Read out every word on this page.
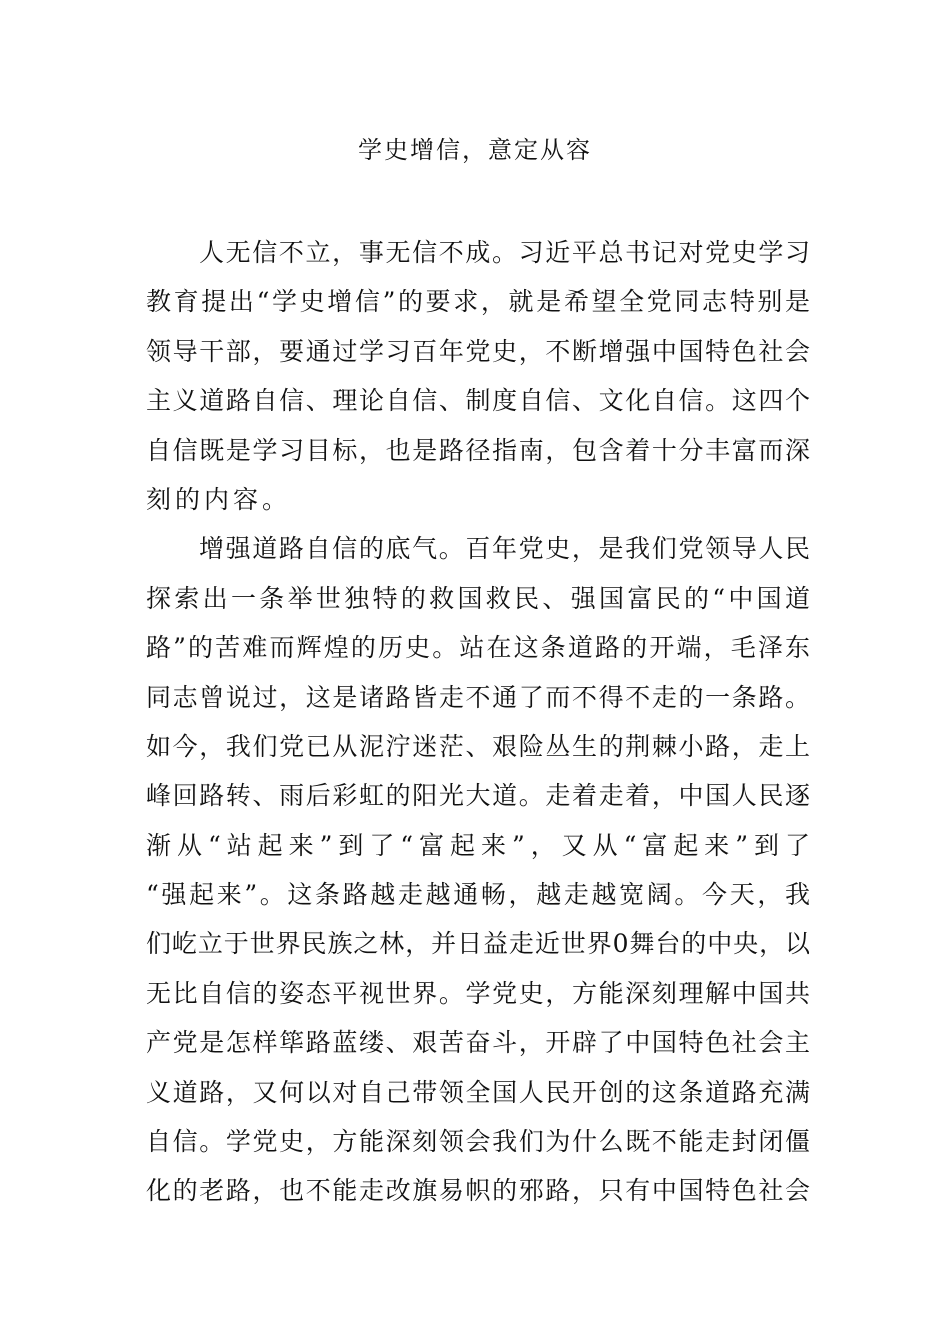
学史增信，意定从容
人无信不立，事无信不成。习近平总书记对党史学习
教育提出“学史增信”的要求，就是希望全党同志特别是
领导干部，要通过学习百年党史，不断增强中国特色社会
主义道路自信、理论自信、制度自信、文化自信。这四个
自信既是学习目标，也是路径指南，包含着十分丰富而深
刻的内容。
增强道路自信的底气。百年党史，是我们党领导人民
探索出一条举世独特的救国救民、强国富民的“中国道
路”的苦难而辉煌的历史。站在这条道路的开端，毛泽东
同志曾说过，这是诸路皆走不通了而不得不走的一条路。
如今，我们党已从泥泞迷茫、艰险丛生的荆棘小路，走上
峰回路转、雨后彩虹的阳光大道。走着走着，中国人民逐
渐从“站起来”到了“富起来”，又从“富起来”到了
“强起来”。这条路越走越通畅，越走越宽阔。今天，我
们屹立于世界民族之林，并日益走近世界0舞台的中央，以
无比自信的姿态平视世界。学党史，方能深刻理解中国共
产党是怎样筚路蓝缕、艰苦奋斗，开辟了中国特色社会主
义道路，又何以对自己带领全国人民开创的这条道路充满
自信。学党史，方能深刻领会我们为什么既不能走封闭僵
化的老路，也不能走改旗易帜的邪路，只有中国特色社会
